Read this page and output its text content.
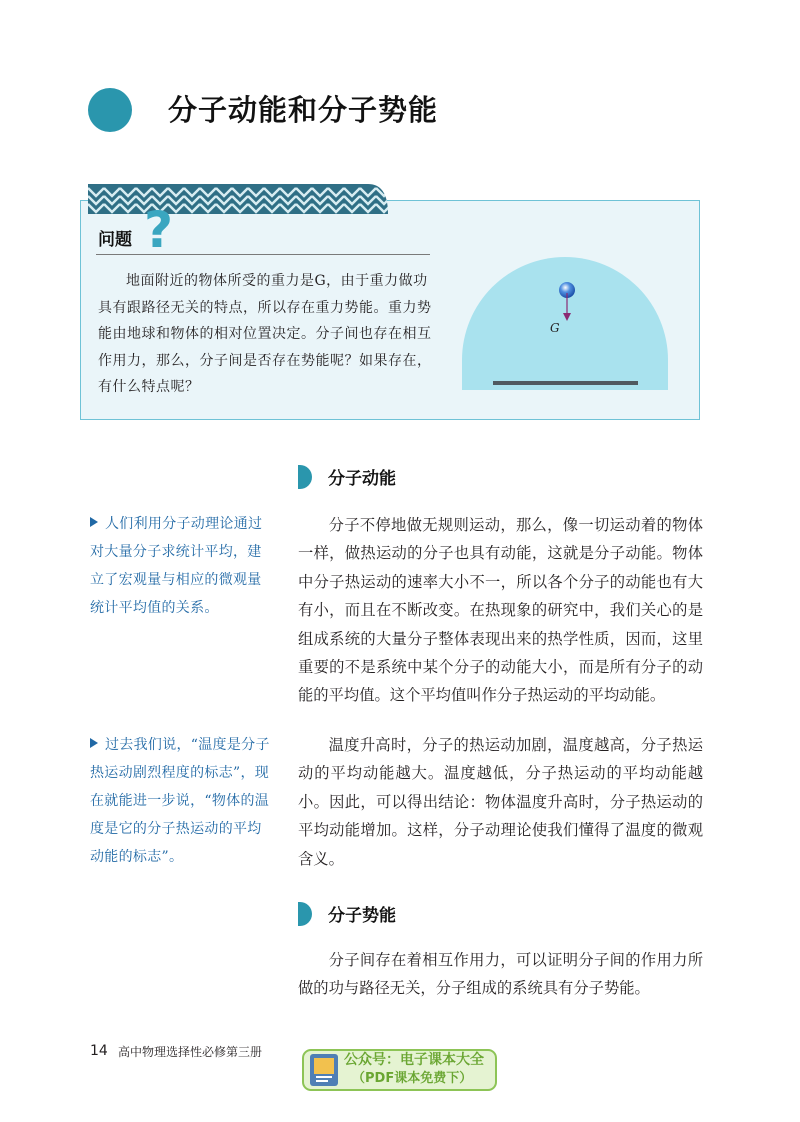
分子动能和分子势能
问题 ?

地面附近的物体所受的重力是G，由于重力做功具有跟路径无关的特点，所以存在重力势能。重力势能由地球和物体的相对位置决定。分子间也存在相互作用力，那么，分子间是否存在势能呢？如果存在，有什么特点呢？

G
分子动能

分子不停地做无规则运动，那么，像一切运动着的物体一样，做热运动的分子也具有动能，这就是分子动能。物体中分子热运动的速率大小不一，所以各个分子的动能也有大有小，而且在不断改变。在热现象的研究中，我们关心的是组成系统的大量分子整体表现出来的热学性质，因而，这里重要的不是系统中某个分子的动能大小，而是所有分子的动能的平均值。这个平均值叫作分子热运动的平均动能。

温度升高时，分子的热运动加剧，温度越高，分子热运动的平均动能越大。温度越低，分子热运动的平均动能越小。因此，可以得出结论：物体温度升高时，分子热运动的平均动能增加。这样，分子动理论使我们懂得了温度的微观含义。

人们利用分子动理论通过对大量分子求统计平均，建立了宏观量与相应的微观量统计平均值的关系。

过去我们说，“温度是分子热运动剧烈程度的标志”，现在就能进一步说，“物体的温度是它的分子热运动的平均动能的标志”。

分子势能

分子间存在着相互作用力，可以证明分子间的作用力所做的功与路径无关，分子组成的系统具有分子势能。

14 高中物理选择性必修第三册	公众号：电子课本大全
（PDF课本免费下）
